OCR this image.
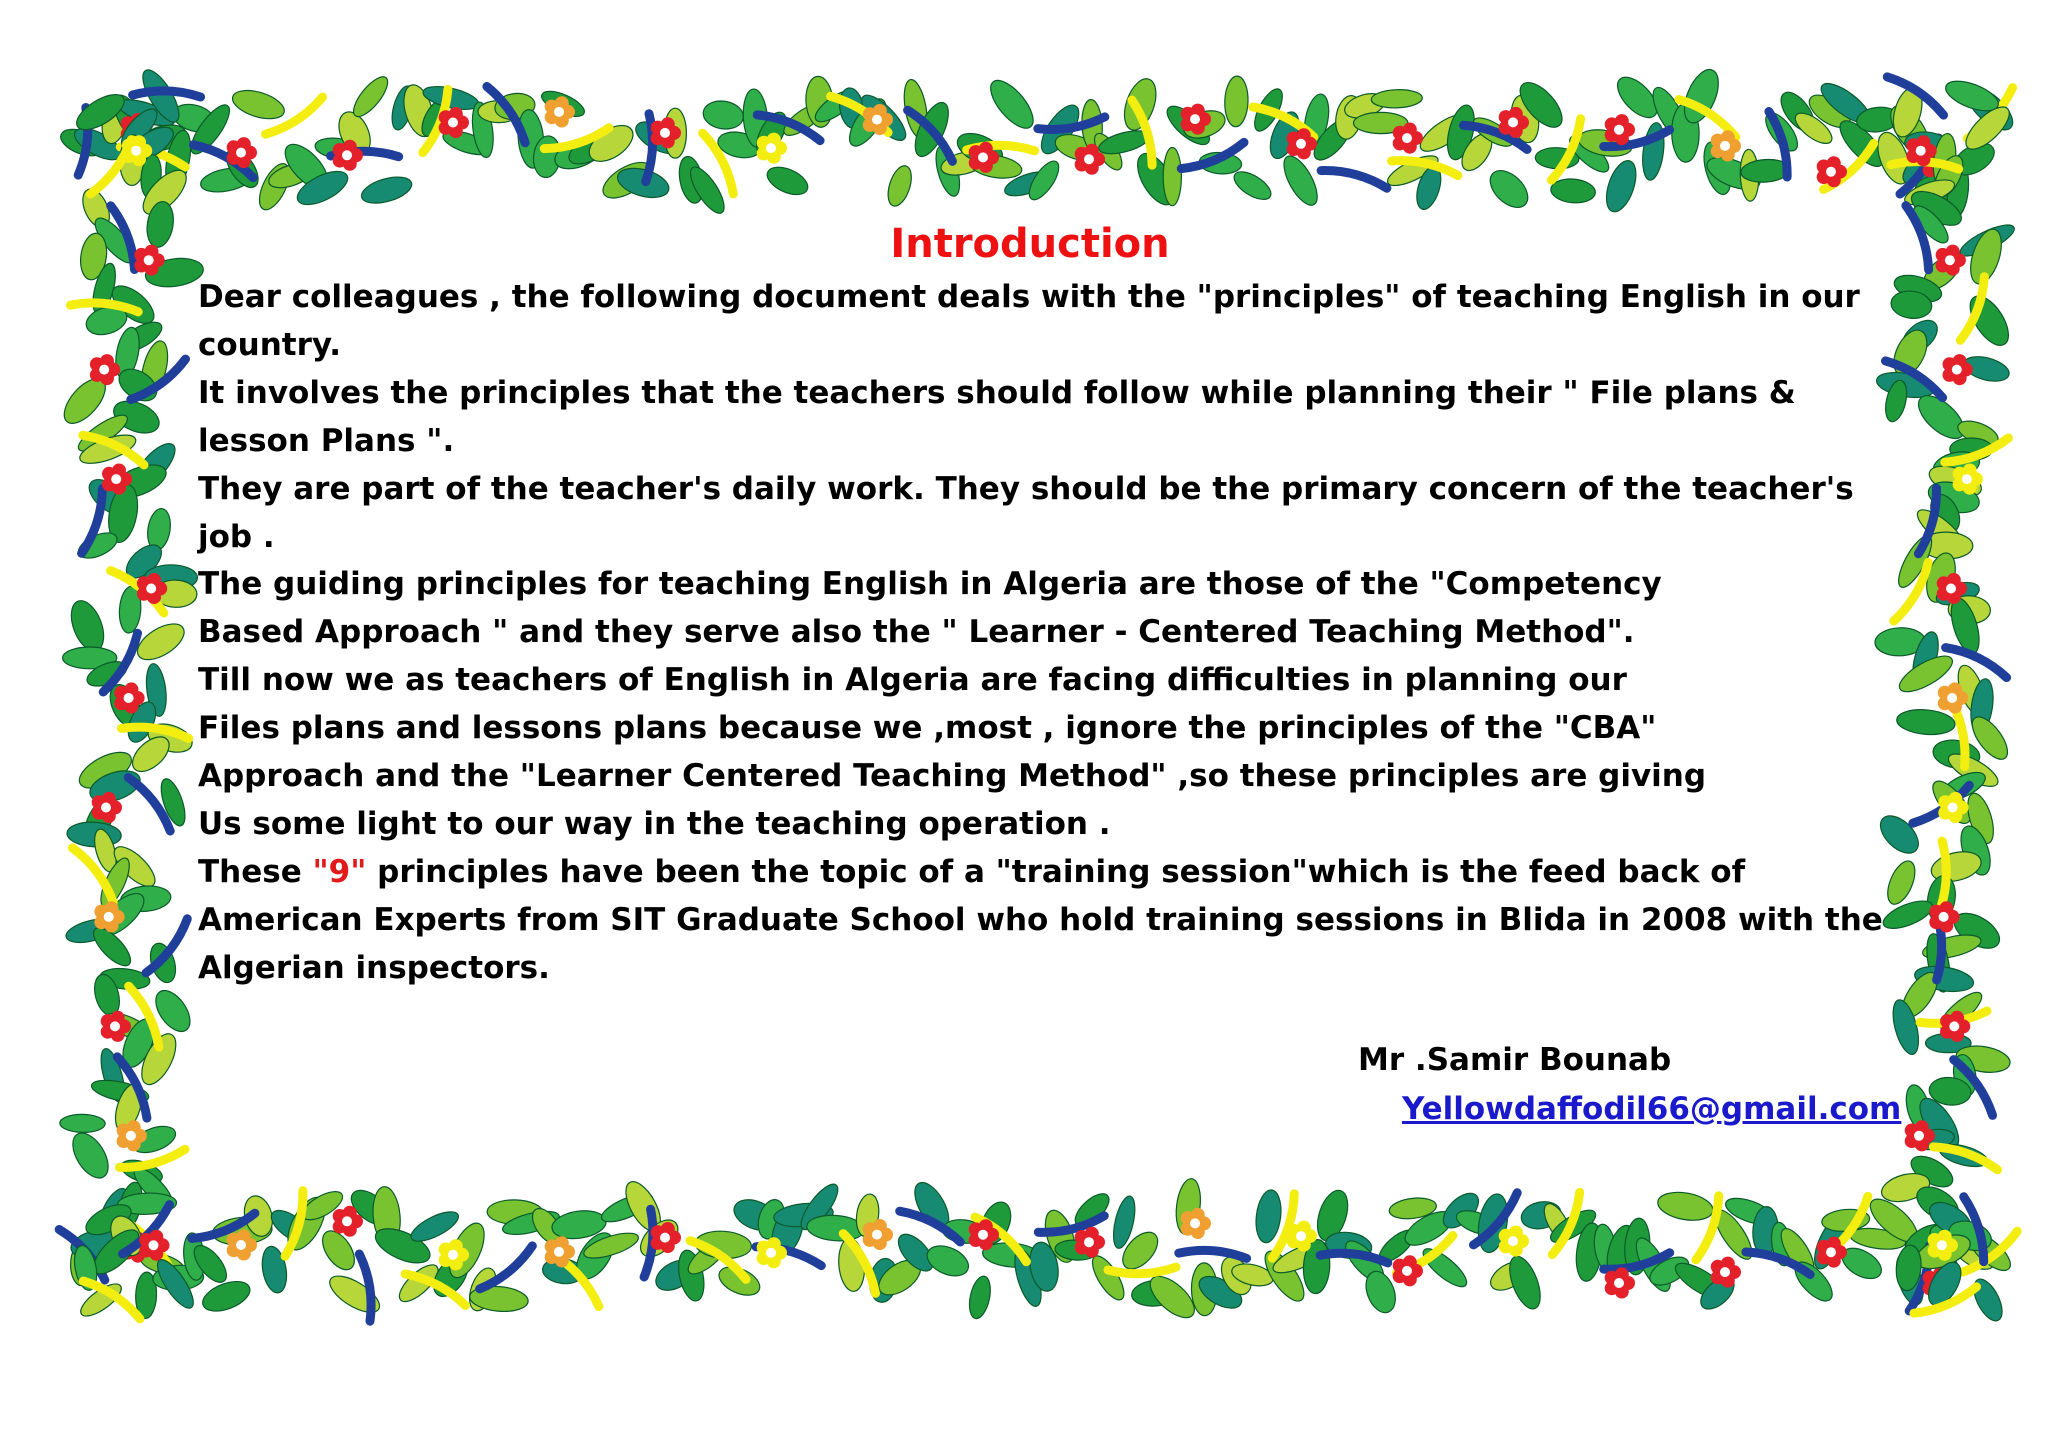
Introduction
Dear colleagues , the following document deals with the "principles" of teaching English in our
country.
It involves the principles that the teachers should follow while planning their " File plans &
lesson Plans ".
They are part of the teacher's daily work. They should be the primary concern of the teacher's
job .
The guiding principles for teaching English in Algeria are those of the "Competency
Based Approach " and they serve also the " Learner - Centered Teaching Method".
Till now we as teachers of English in Algeria are facing difficulties in planning our
Files plans and lessons plans because we ,most , ignore the principles of the "CBA"
Approach and the "Learner Centered Teaching Method" ,so these principles are giving
Us some light to our way in the teaching operation .
These "9" principles have been the topic of a "training session"which is the feed back of
American Experts from SIT Graduate School who hold training sessions in Blida in 2008 with the
Algerian inspectors.
Mr .Samir Bounab
Yellowdaffodil66@gmail.com
